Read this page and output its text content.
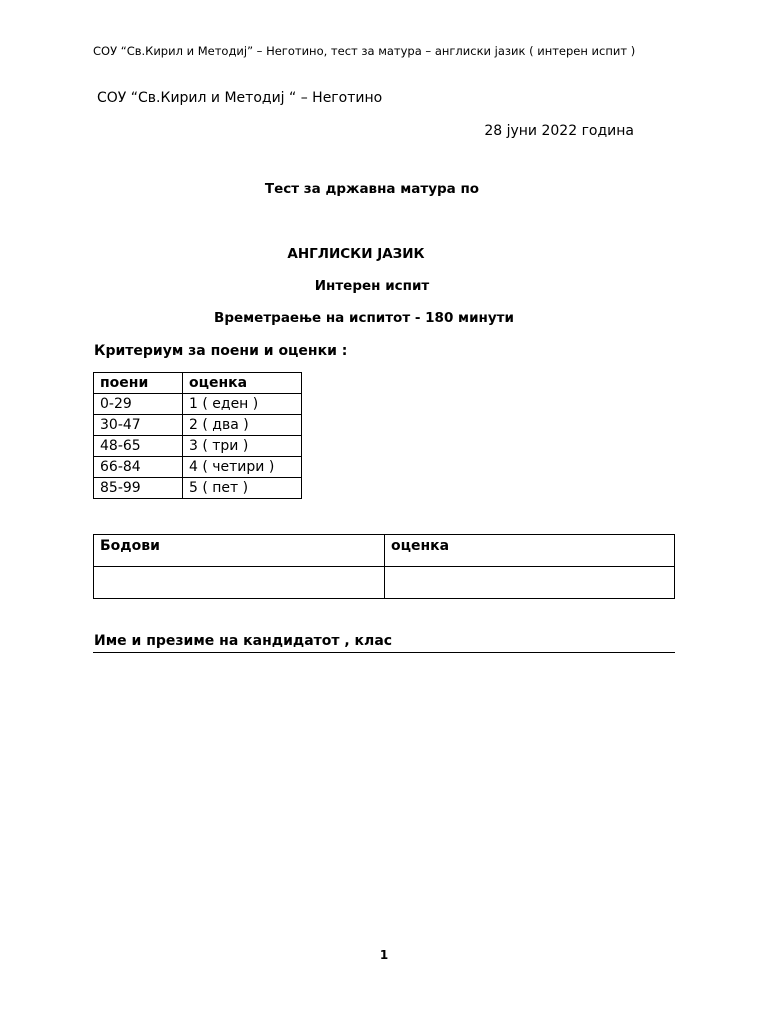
СОУ “Св.Кирил и Методиј” – Неготино, тест за матура – англиски јазик ( интерен испит )
СОУ “Св.Кирил и Методиј “ – Неготино
28 јуни 2022 година
Тест за државна матура по
АНГЛИСКИ ЈАЗИК
Интерен испит
Времетраење на испитот - 180 минути
Критериум за поени и оценки :
поени	оценка
0-29	1 ( еден )
30-47	2 ( два )
48-65	3 ( три )
66-84	4 ( четири )
85-99	5 ( пет )
Бодови	оценка

Име и презиме на кандидатот , клас
1
